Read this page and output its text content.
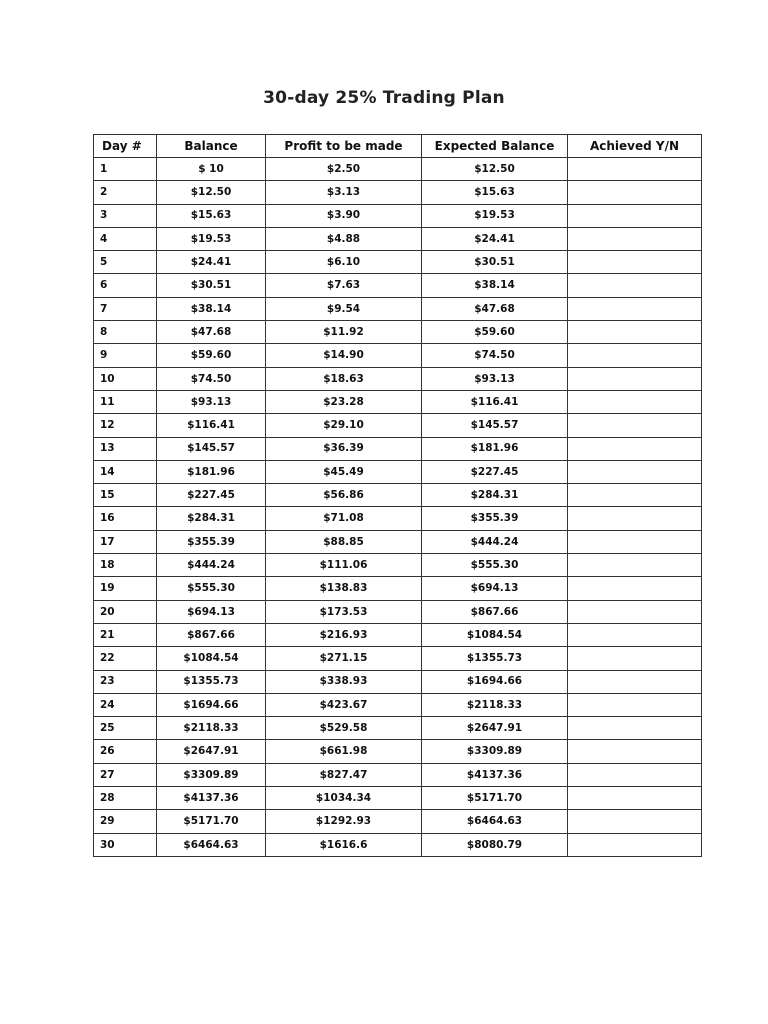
30-day 25% Trading Plan
Day #	Balance	Profit to be made	Expected Balance	Achieved Y/N
1	$ 10	$2.50	$12.50	
2	$12.50	$3.13	$15.63	
3	$15.63	$3.90	$19.53	
4	$19.53	$4.88	$24.41	
5	$24.41	$6.10	$30.51	
6	$30.51	$7.63	$38.14	
7	$38.14	$9.54	$47.68	
8	$47.68	$11.92	$59.60	
9	$59.60	$14.90	$74.50	
10	$74.50	$18.63	$93.13	
11	$93.13	$23.28	$116.41	
12	$116.41	$29.10	$145.57	
13	$145.57	$36.39	$181.96	
14	$181.96	$45.49	$227.45	
15	$227.45	$56.86	$284.31	
16	$284.31	$71.08	$355.39	
17	$355.39	$88.85	$444.24	
18	$444.24	$111.06	$555.30	
19	$555.30	$138.83	$694.13	
20	$694.13	$173.53	$867.66	
21	$867.66	$216.93	$1084.54	
22	$1084.54	$271.15	$1355.73	
23	$1355.73	$338.93	$1694.66	
24	$1694.66	$423.67	$2118.33	
25	$2118.33	$529.58	$2647.91	
26	$2647.91	$661.98	$3309.89	
27	$3309.89	$827.47	$4137.36	
28	$4137.36	$1034.34	$5171.70	
29	$5171.70	$1292.93	$6464.63	
30	$6464.63	$1616.6	$8080.79	
